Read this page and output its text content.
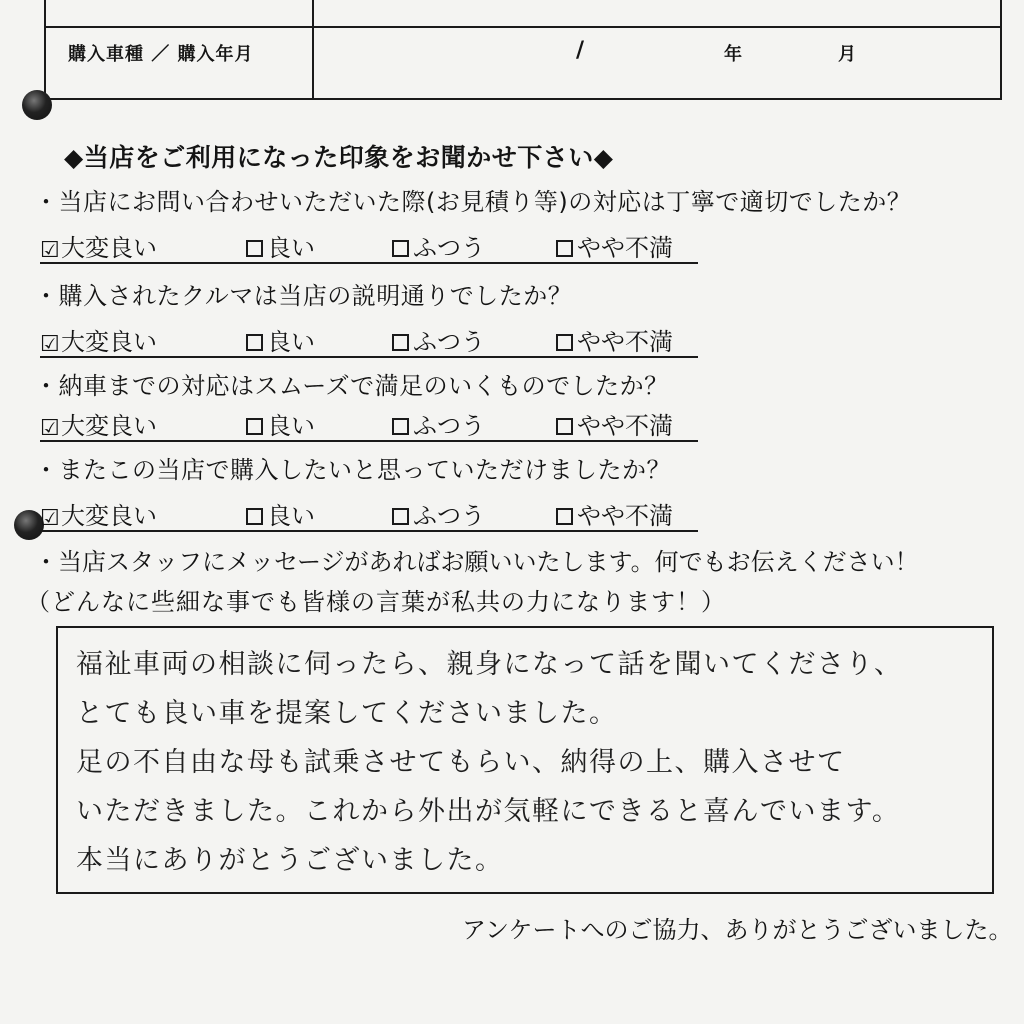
購入車種 ／ 購入年月	/	年	月
◆当店をご利用になった印象をお聞かせ下さい◆
・当店にお問い合わせいただいた際(お見積り等)の対応は丁寧で適切でしたか？
☑大変良い	良い	ふつう	やや不満
・購入されたクルマは当店の説明通りでしたか？
☑大変良い	良い	ふつう	やや不満
・納車までの対応はスムーズで満足のいくものでしたか？
☑大変良い	良い	ふつう	やや不満
・またこの当店で購入したいと思っていただけましたか？
☑大変良い	良い	ふつう	やや不満
・当店スタッフにメッセージがあればお願いいたします。何でもお伝えください！
（どんなに些細な事でも皆様の言葉が私共の力になります！）
福祉車両の相談に伺ったら、親身になって話を聞いてくださり、
とても良い車を提案してくださいました。
足の不自由な母も試乗させてもらい、納得の上、購入させて
いただきました。これから外出が気軽にできると喜んでいます。
本当にありがとうございました。
アンケートへのご協力、ありがとうございました。
